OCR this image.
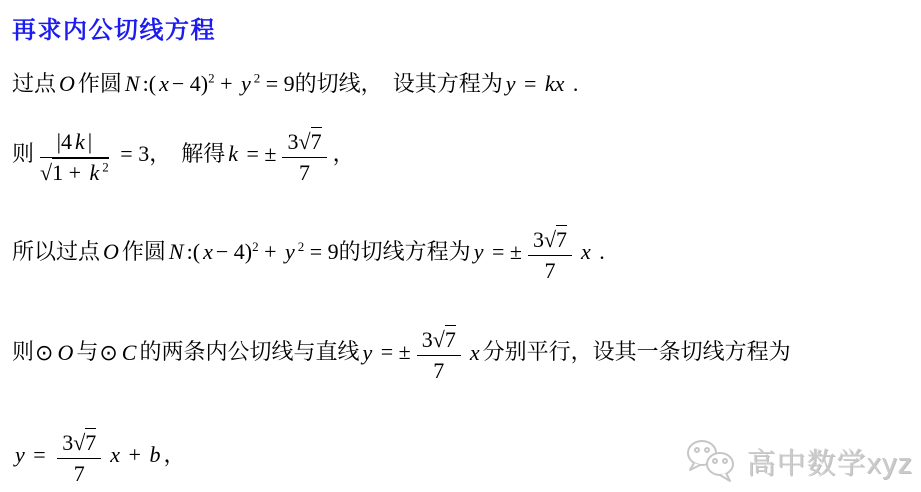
再求内公切线方程
过点 O 作圆 N :( x − 4)$^2$ + y $^2$ = 9的切线， 设其方程为 y = kx .
则 $\frac{|4 k |}{√1 + k ^2} = 3$， 解得 k = ± $\frac{3√7}{7}$ ，
所以过点 O 作圆 N :( x − 4)$^2$ + y $^2$ = 9的切线方程为 y = ± $\frac{3√7}{7}$ x .
则⊙ O 与⊙ C 的两条内公切线与直线 y = ± $\frac{3√7}{7}$ x 分别平行，设其一条切线方程为
$y = \frac{3√7}{7}$ x + b ，	高中数学xyz
